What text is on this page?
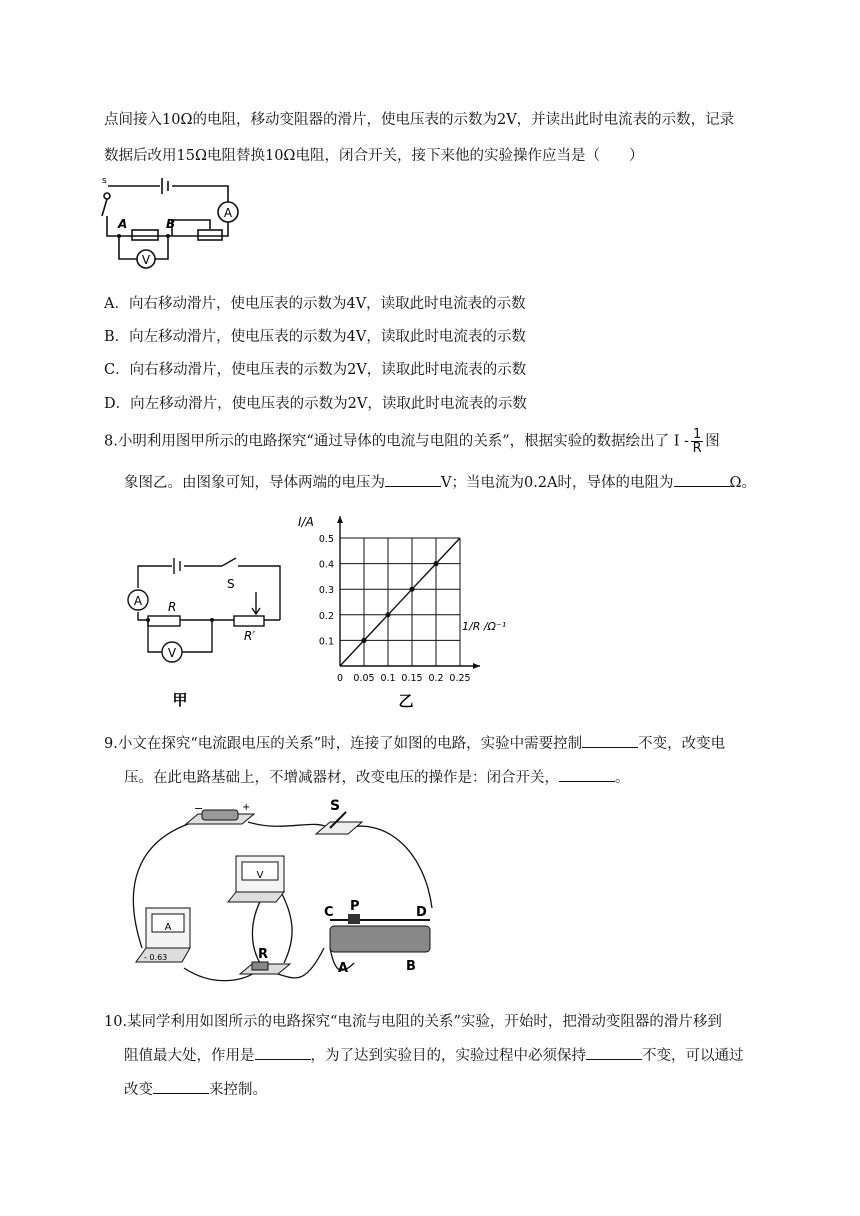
点间接入10Ω的电阻，移动变阻器的滑片，使电压表的示数为2V，并读出此时电流表的示数，记录
数据后改用15Ω电阻替换10Ω电阻，闭合开关，接下来他的实验操作应当是（　　）
A
V
s
A	B
A．向右移动滑片，使电压表的示数为4V，读取此时电流表的示数
B．向左移动滑片，使电压表的示数为4V，读取此时电流表的示数
C．向右移动滑片，使电压表的示数为2V，读取此时电流表的示数
D．向左移动滑片，使电压表的示数为2V，读取此时电流表的示数
8.小明利用图甲所示的电路探究“通过导体的电流与电阻的关系”，根据实验的数据绘出了 I - $\frac{1}{R}$ 图
象图乙。由图象可知，导体两端的电压为	V；当电流为0.2A时，导体的电阻为	Ω。
A
V
S
R
R′
甲
0 0.05 0.1 0.15 0.2 0.25
0.1
0.2
0.3
0.4
0.5
I/A
1/R /Ω⁻¹
乙
9.小文在探究“电流跟电压的关系”时，连接了如图的电路，实验中需要控制	不变，改变电
压。在此电路基础上，不增减器材，改变电压的操作是：闭合开关，	。
−	+	S
V
A
- 0.63	R
C P	D
A	B
10.某同学利用如图所示的电路探究“电流与电阻的关系”实验，开始时，把滑动变阻器的滑片移到
阻值最大处，作用是	，为了达到实验目的，实验过程中必须保持	不变，可以通过
改变	来控制。
